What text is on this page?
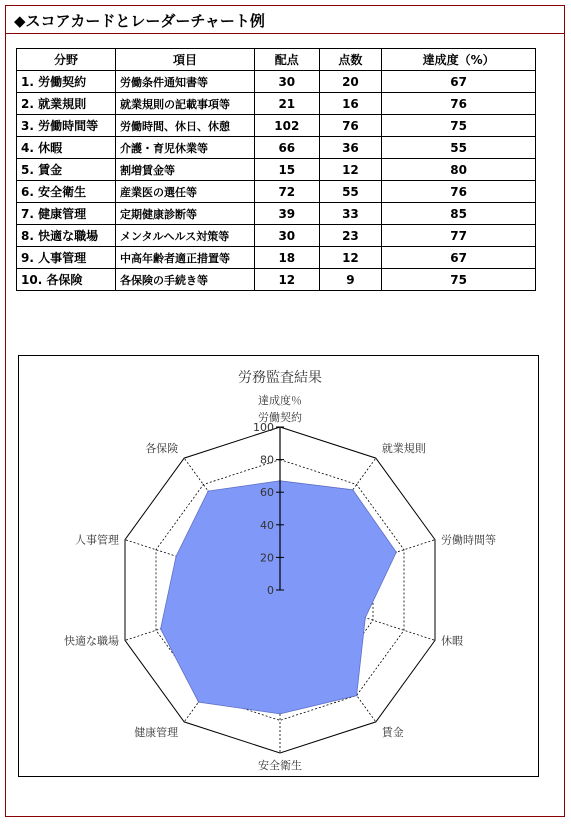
◆スコアカードとレーダーチャート例
分野	項目	配点	点数	達成度（%）
1. 労働契約	労働条件通知書等	30	20	67
2. 就業規則	就業規則の記載事項等	21	16	76
3. 労働時間等	労働時間、休日、休憩	102	76	75
4. 休暇	介護・育児休業等	66	36	55
5. 賃金	割増賃金等	15	12	80
6. 安全衛生	産業医の選任等	72	55	76
7. 健康管理	定期健康診断等	39	33	85
8. 快適な職場	メンタルヘルス対策等	30	23	77
9. 人事管理	中高年齢者適正措置等	18	12	67
10. 各保険	各保険の手続き等	12	9	75
労務監査結果
0
20
40
60
80
100
達成度％
労働契約
就業規則
労働時間等
休暇
賃金
安全衛生
健康管理
快適な職場
人事管理
各保険
